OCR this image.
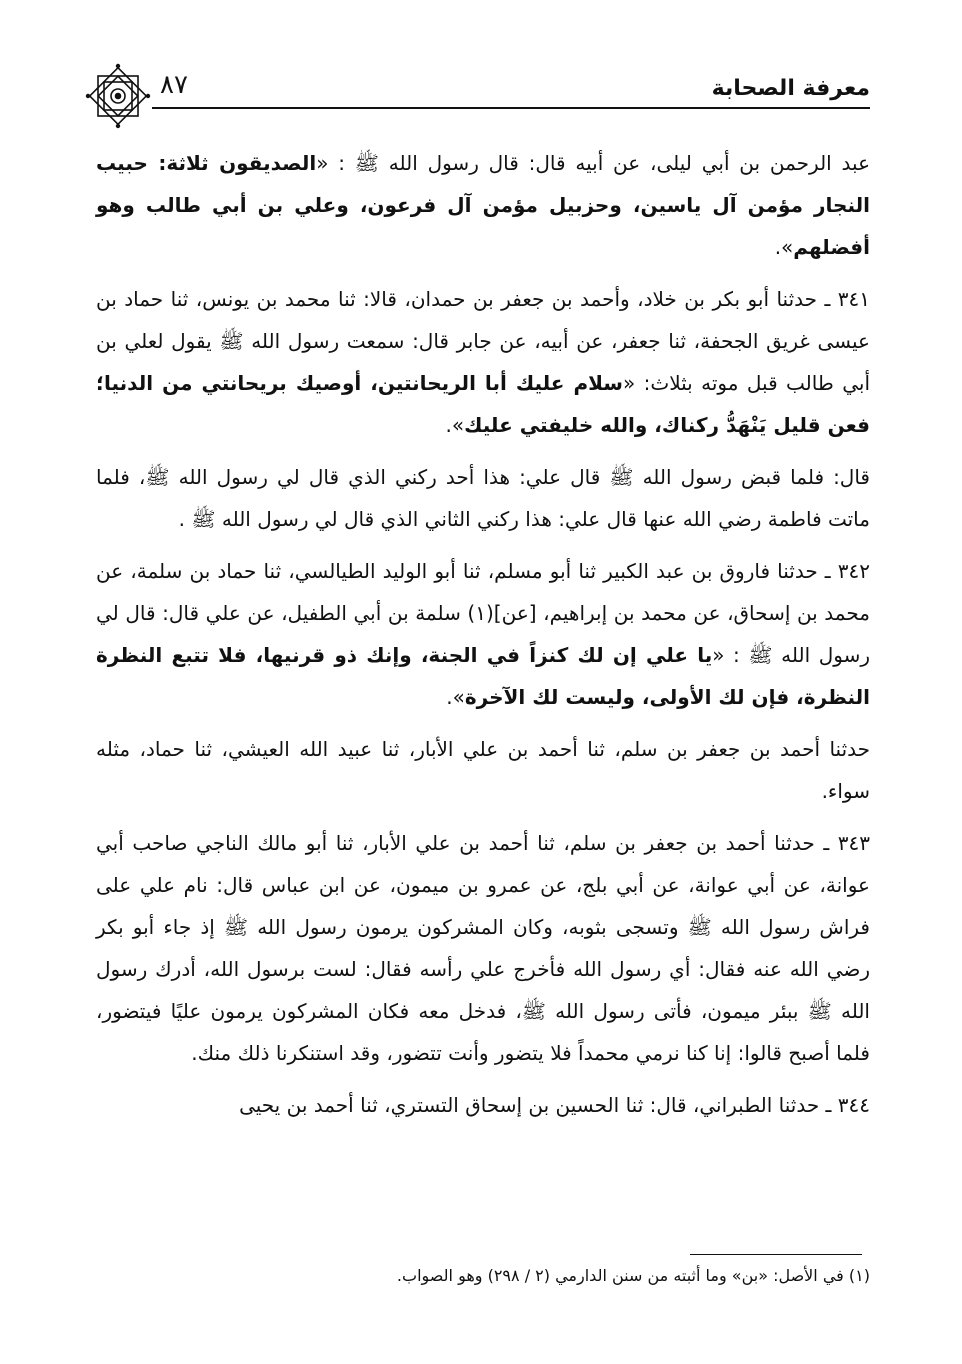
معرفة الصحابة
٨٧

عبد الرحمن بن أبي ليلى، عن أبيه قال: قال رسول الله ﷺ : «الصديقون ثلاثة: حبيب النجار مؤمن آل ياسين، وحزبيل مؤمن آل فرعون، وعلي بن أبي طالب وهو أفضلهم».

٣٤١ ـ حدثنا أبو بكر بن خلاد، وأحمد بن جعفر بن حمدان، قالا: ثنا محمد بن يونس، ثنا حماد بن عيسى غريق الجحفة، ثنا جعفر، عن أبيه، عن جابر قال: سمعت رسول الله ﷺ يقول لعلي بن أبي طالب قبل موته بثلاث: «سلام عليك أبا الريحانتين، أوصيك بريحانتي من الدنيا؛ فعن قليل يَنْهَدُّ ركناك، والله خليفتي عليك».

قال: فلما قبض رسول الله ﷺ قال علي: هذا أحد ركني الذي قال لي رسول الله ﷺ، فلما ماتت فاطمة رضي الله عنها قال علي: هذا ركني الثاني الذي قال لي رسول الله ﷺ .

٣٤٢ ـ حدثنا فاروق بن عبد الكبير ثنا أبو مسلم، ثنا أبو الوليد الطيالسي، ثنا حماد بن سلمة، عن محمد بن إسحاق، عن محمد بن إبراهيم، [عن](١) سلمة بن أبي الطفيل، عن علي قال: قال لي رسول الله ﷺ : «يا علي إن لك كنزاً في الجنة، وإنك ذو قرنيها، فلا تتبع النظرة النظرة، فإن لك الأولى، وليست لك الآخرة».

حدثنا أحمد بن جعفر بن سلم، ثنا أحمد بن علي الأبار، ثنا عبيد الله العيشي، ثنا حماد، مثله سواء.

٣٤٣ ـ حدثنا أحمد بن جعفر بن سلم، ثنا أحمد بن علي الأبار، ثنا أبو مالك الناجي صاحب أبي عوانة، عن أبي عوانة، عن أبي بلج، عن عمرو بن ميمون، عن ابن عباس قال: نام علي على فراش رسول الله ﷺ وتسجى بثوبه، وكان المشركون يرمون رسول الله ﷺ إذ جاء أبو بكر رضي الله عنه فقال: أي رسول الله فأخرج علي رأسه فقال: لست برسول الله، أدرك رسول الله ﷺ ببئر ميمون، فأتى رسول الله ﷺ، فدخل معه فكان المشركون يرمون عليًا فيتضور، فلما أصبح قالوا: إنا كنا نرمي محمداً فلا يتضور وأنت تتضور، وقد استنكرنا ذلك منك.

٣٤٤ ـ حدثنا الطبراني، قال: ثنا الحسين بن إسحاق التستري، ثنا أحمد بن يحيى

(١) في الأصل: «بن» وما أثبته من سنن الدارمي (٢ / ٢٩٨) وهو الصواب.
